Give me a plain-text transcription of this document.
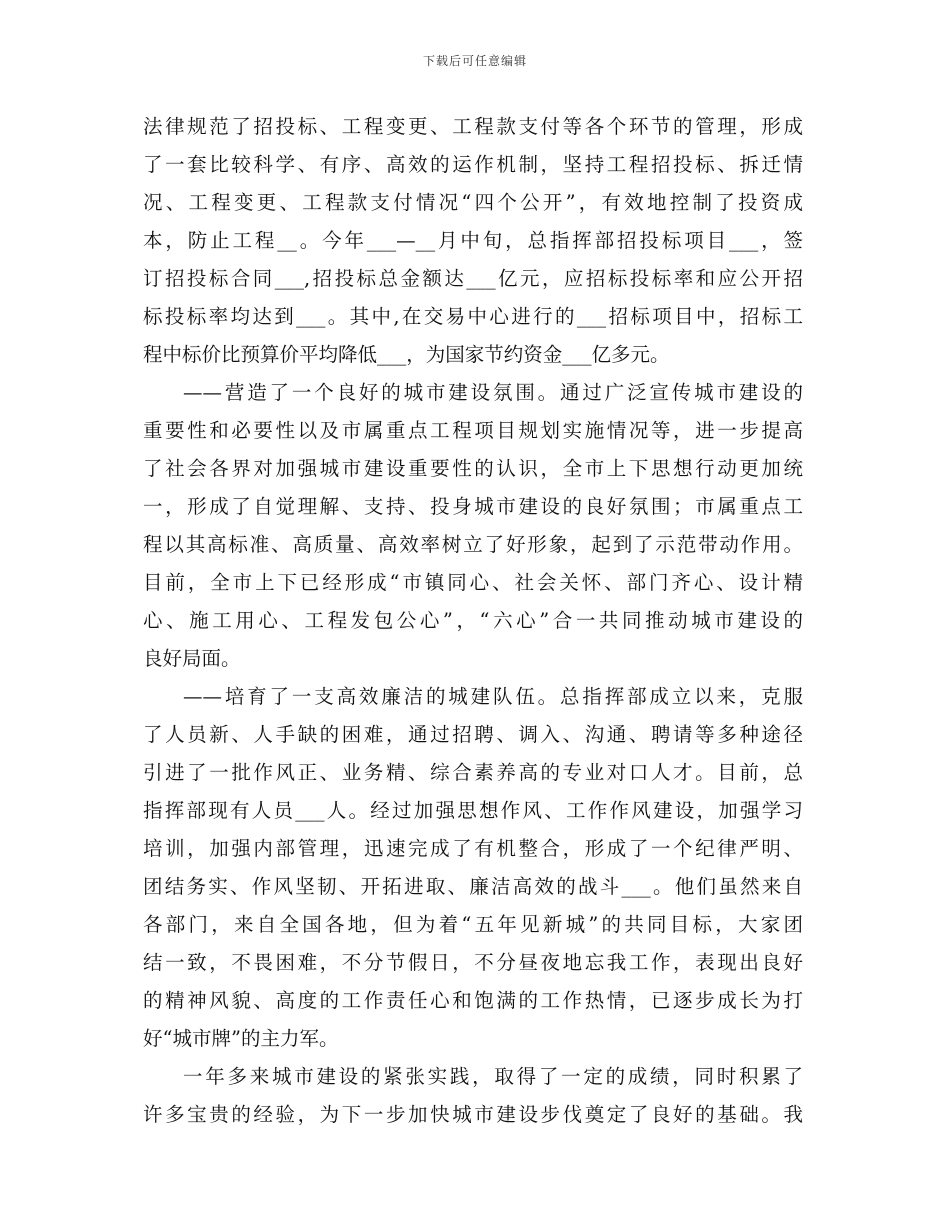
下载后可任意编辑
法律规范了招投标、工程变更、工程款支付等各个环节的管理，形成
了一套比较科学、有序、高效的运作机制，坚持工程招投标、拆迁情
况、工程变更、工程款支付情况“四个公开”，有效地控制了投资成
本，防止工程__。今年___—__月中旬，总指挥部招投标项目___，签
订招投标合同___,招投标总金额达___亿元，应招标投标率和应公开招
标投标率均达到___。其中,在交易中心进行的___招标项目中，招标工
程中标价比预算价平均降低___，为国家节约资金___亿多元。
——营造了一个良好的城市建设氛围。通过广泛宣传城市建设的
重要性和必要性以及市属重点工程项目规划实施情况等，进一步提高
了社会各界对加强城市建设重要性的认识，全市上下思想行动更加统
一，形成了自觉理解、支持、投身城市建设的良好氛围；市属重点工
程以其高标准、高质量、高效率树立了好形象，起到了示范带动作用。
目前，全市上下已经形成“市镇同心、社会关怀、部门齐心、设计精
心、施工用心、工程发包公心”，“六心”合一共同推动城市建设的
良好局面。
——培育了一支高效廉洁的城建队伍。总指挥部成立以来，克服
了人员新、人手缺的困难，通过招聘、调入、沟通、聘请等多种途径
引进了一批作风正、业务精、综合素养高的专业对口人才。目前，总
指挥部现有人员___人。经过加强思想作风、工作作风建设，加强学习
培训，加强内部管理，迅速完成了有机整合，形成了一个纪律严明、
团结务实、作风坚韧、开拓进取、廉洁高效的战斗___。他们虽然来自
各部门，来自全国各地，但为着“五年见新城”的共同目标，大家团
结一致，不畏困难，不分节假日，不分昼夜地忘我工作，表现出良好
的精神风貌、高度的工作责任心和饱满的工作热情，已逐步成长为打
好“城市牌”的主力军。
一年多来城市建设的紧张实践，取得了一定的成绩，同时积累了
许多宝贵的经验，为下一步加快城市建设步伐奠定了良好的基础。我
